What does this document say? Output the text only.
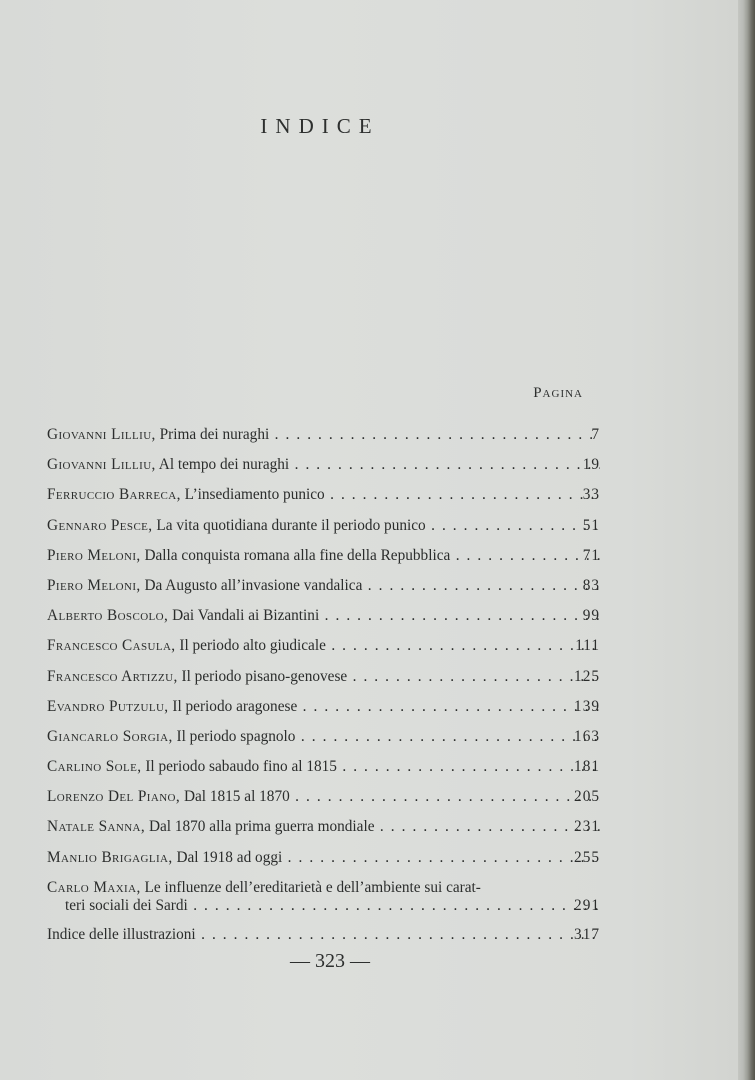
INDICE
Pagina
Giovanni Lilliu, Prima dei nuraghi . . .	7
Giovanni Lilliu, Al tempo dei nuraghi . . .	19
Ferruccio Barreca, L’insediamento punico . . .	33
Gennaro Pesce, La vita quotidiana durante il periodo punico . . .	51
Piero Meloni, Dalla conquista romana alla fine della Repubblica . . .	71
Piero Meloni, Da Augusto all’invasione vandalica . . .	83
Alberto Boscolo, Dai Vandali ai Bizantini . . .	99
Francesco Casula, Il periodo alto giudicale . . .	111
Francesco Artizzu, Il periodo pisano-genovese . . .	125
Evandro Putzulu, Il periodo aragonese . . .	139
Giancarlo Sorgia, Il periodo spagnolo . . .	163
Carlino Sole, Il periodo sabaudo fino al 1815 . . .	181
Lorenzo Del Piano, Dal 1815 al 1870 . . .	205
Natale Sanna, Dal 1870 alla prima guerra mondiale . . .	231
Manlio Brigaglia, Dal 1918 ad oggi . . .	255
Carlo Maxia, Le influenze dell’ereditarietà e dell’ambiente sui carat-
teri sociali dei Sardi . . .	291
Indice delle illustrazioni . . .	317
— 323 —
